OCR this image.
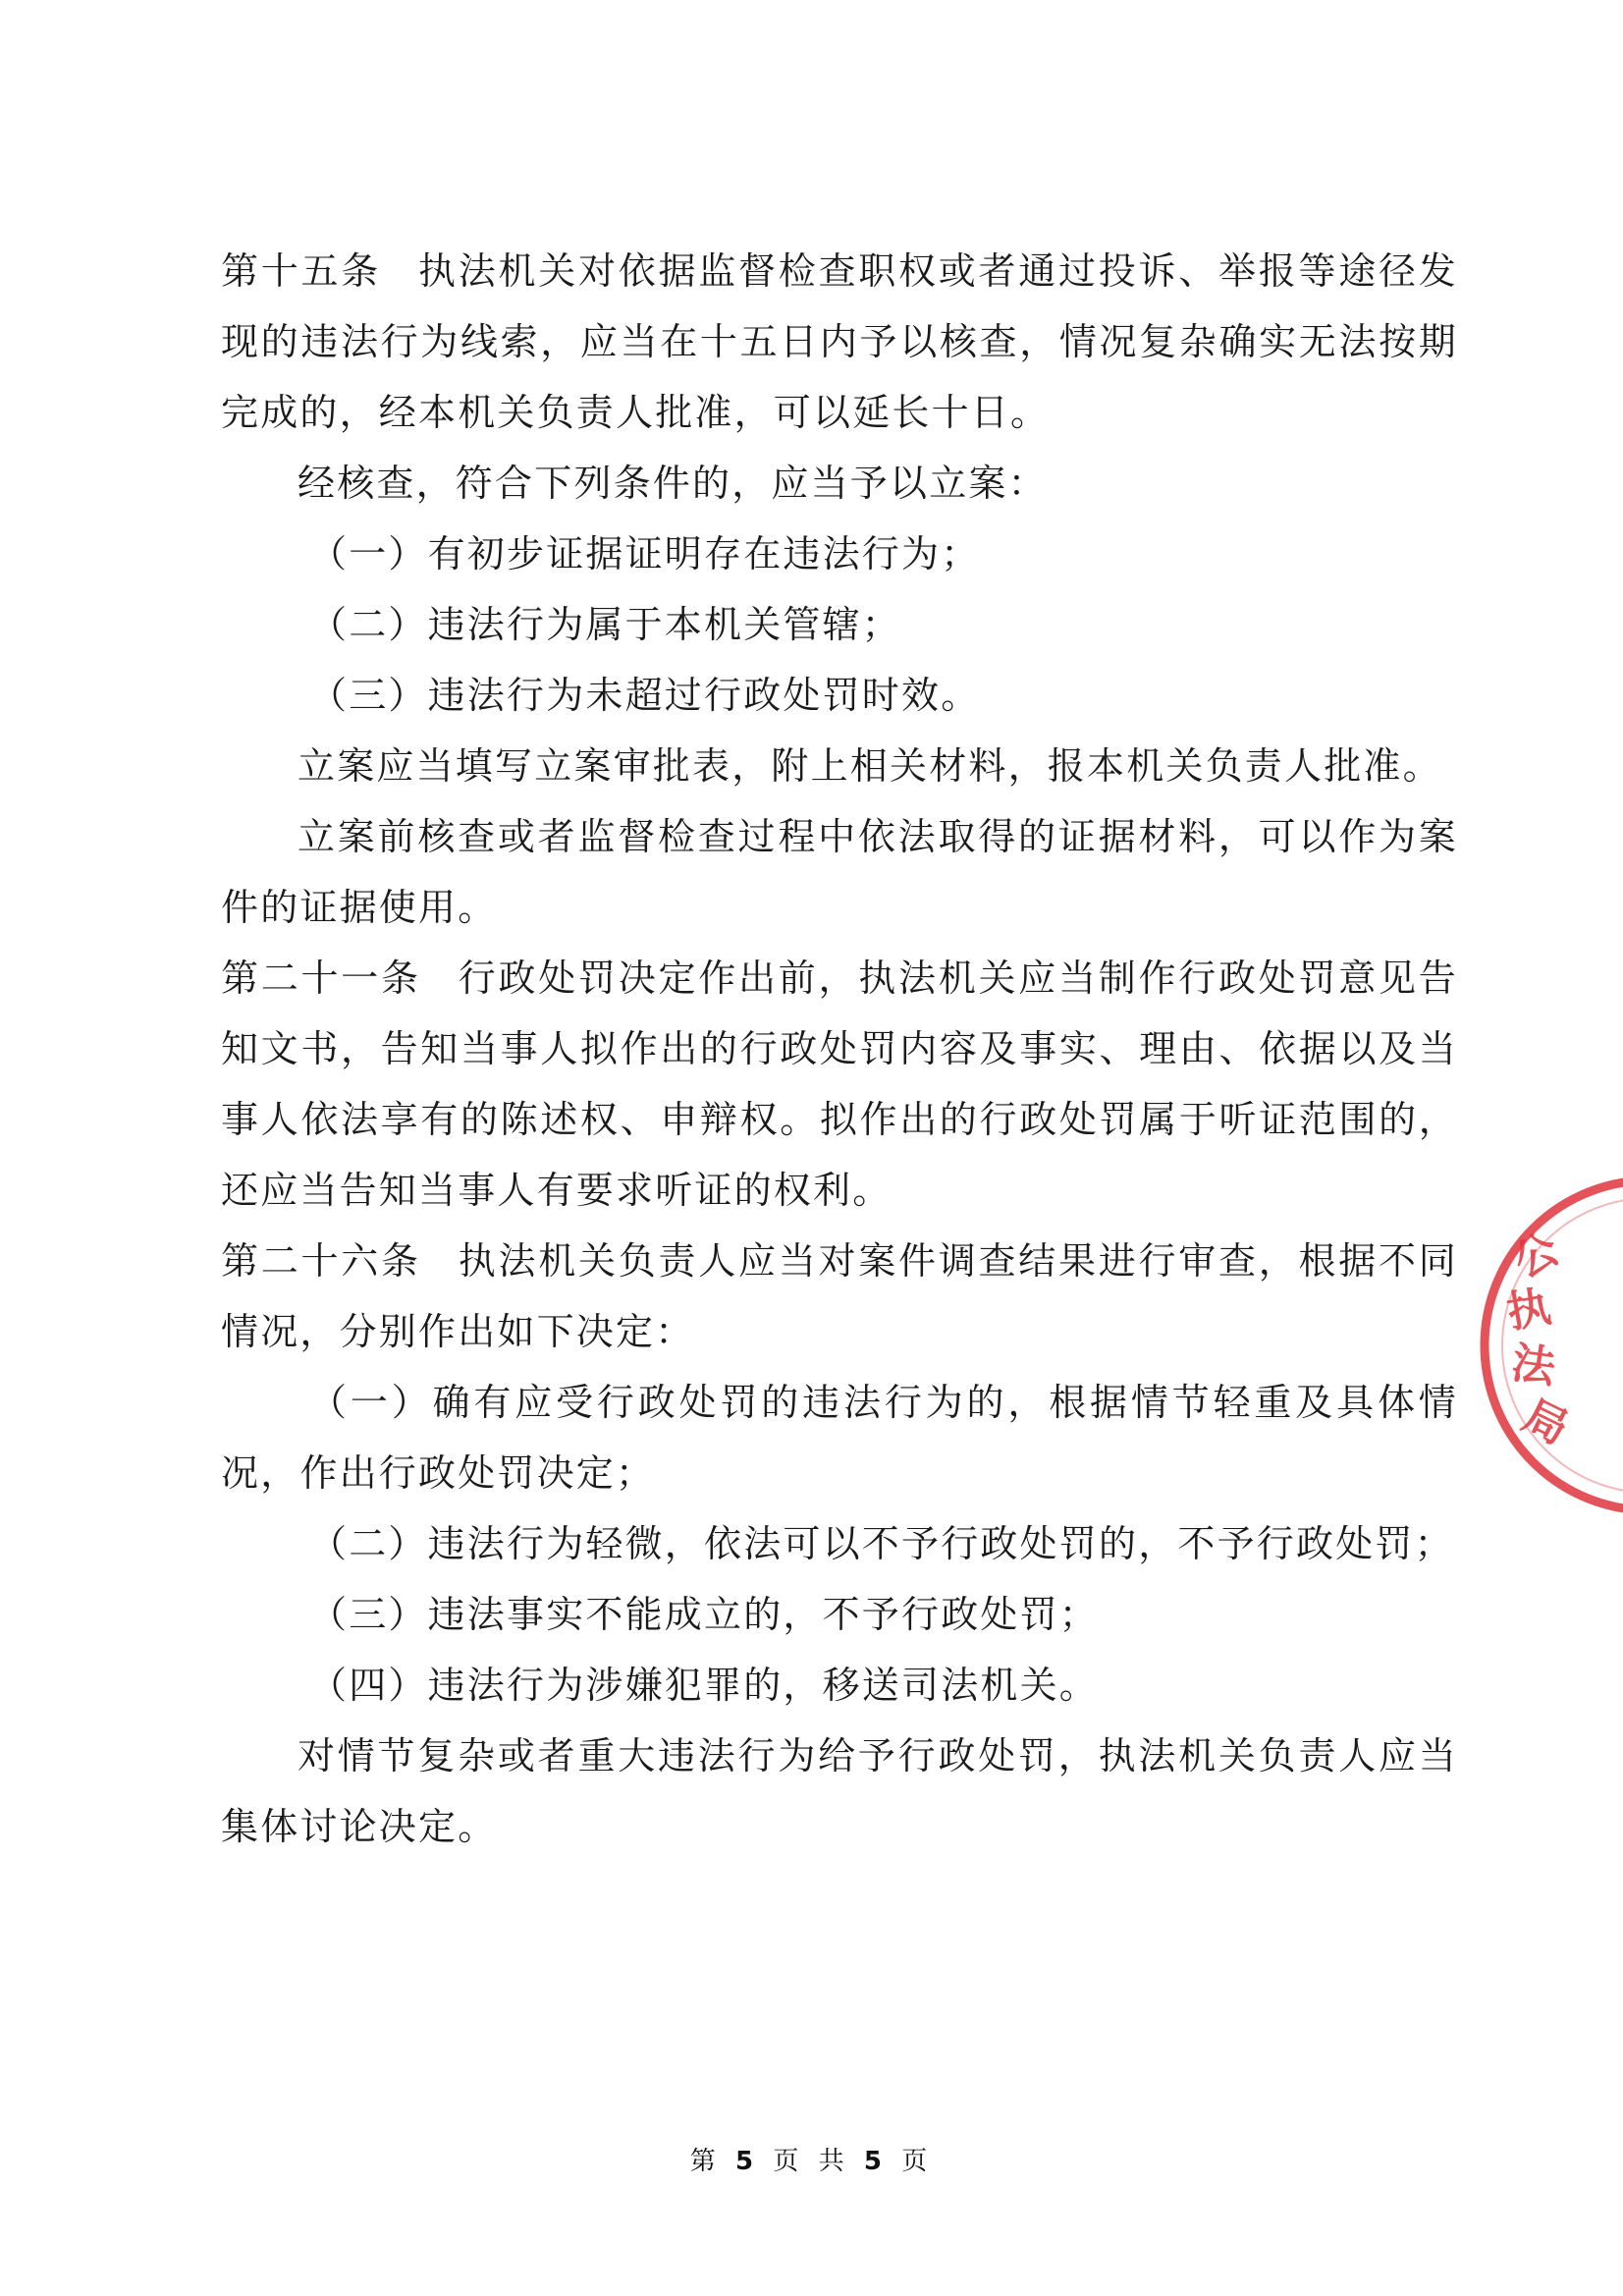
第十五条 执法机关对依据监督检查职权或者通过投诉、举报等途径发现的违法行为线索，应当在十五日内予以核查，情况复杂确实无法按期完成的，经本机关负责人批准，可以延长十日。

经核查，符合下列条件的，应当予以立案：

（一）有初步证据证明存在违法行为；

（二）违法行为属于本机关管辖；

（三）违法行为未超过行政处罚时效。

立案应当填写立案审批表，附上相关材料，报本机关负责人批准。

立案前核查或者监督检查过程中依法取得的证据材料，可以作为案件的证据使用。

第二十一条 行政处罚决定作出前，执法机关应当制作行政处罚意见告知文书，告知当事人拟作出的行政处罚内容及事实、理由、依据以及当事人依法享有的陈述权、申辩权。拟作出的行政处罚属于听证范围的，还应当告知当事人有要求听证的权利。

第二十六条 执法机关负责人应当对案件调查结果进行审查，根据不同情况，分别作出如下决定：

（一）确有应受行政处罚的违法行为的，根据情节轻重及具体情况，作出行政处罚决定；

（二）违法行为轻微，依法可以不予行政处罚的，不予行政处罚；

（三）违法事实不能成立的，不予行政处罚；

（四）违法行为涉嫌犯罪的，移送司法机关。

对情节复杂或者重大违法行为给予行政处罚，执法机关负责人应当集体讨论决定。

公
执
法
局
第 5 页 共 5 页
